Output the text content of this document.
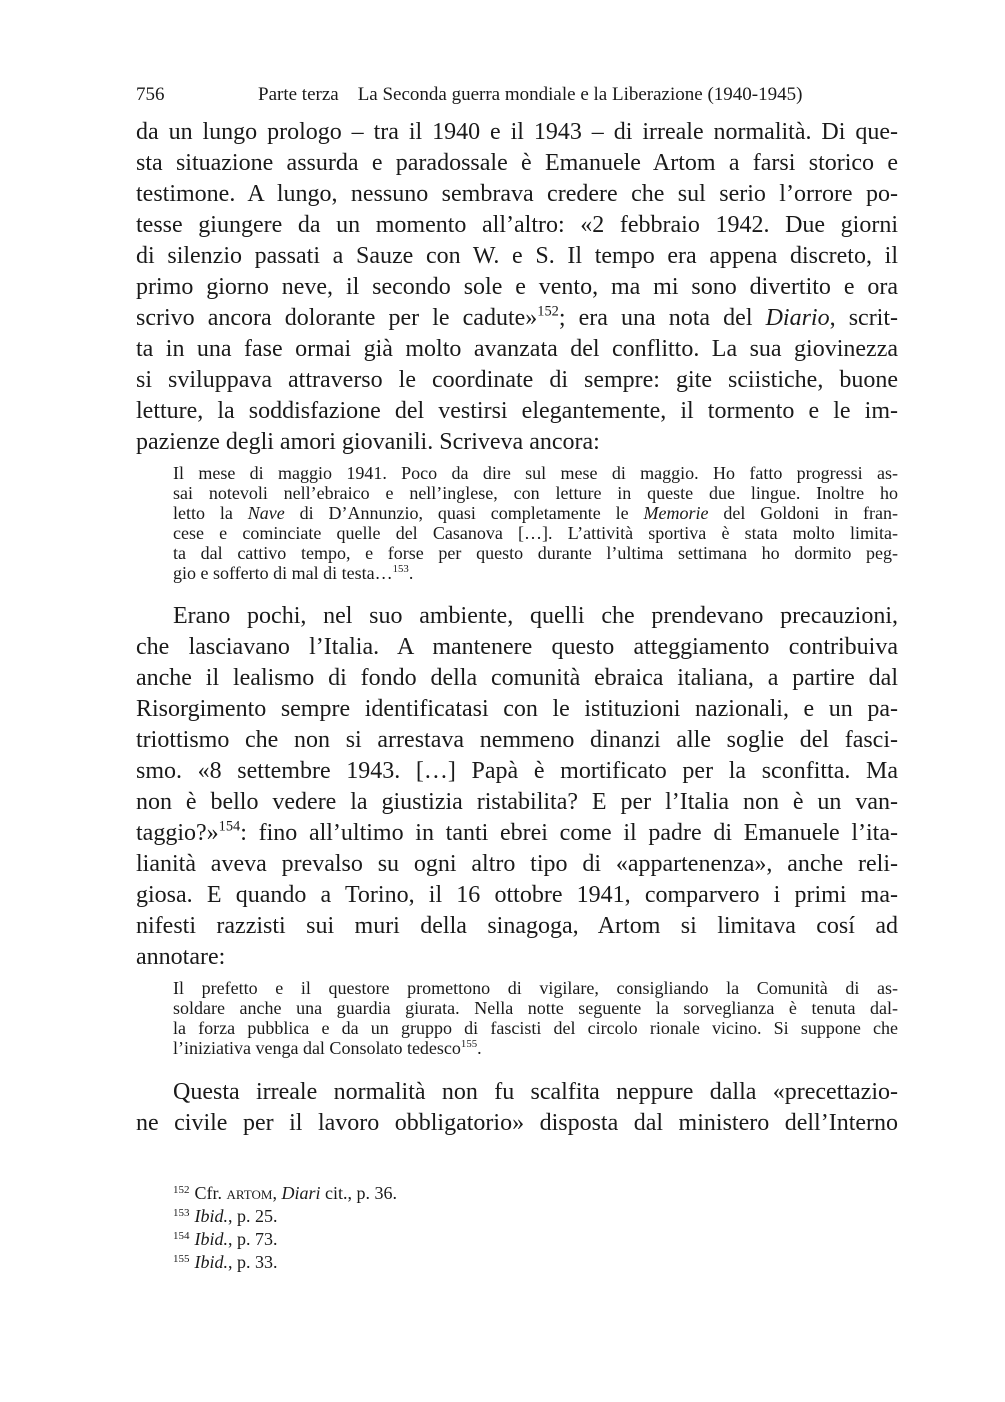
756	Parte terza    La Seconda guerra mondiale e la Liberazione (1940-1945)
da un lungo prologo – tra il 1940 e il 1943 – di irreale normalità. Di que-
sta situazione assurda e paradossale è Emanuele Artom a farsi storico e
testimone. A lungo, nessuno sembrava credere che sul serio l’orrore po-
tesse giungere da un momento all’altro: «2 febbraio 1942. Due giorni
di silenzio passati a Sauze con W. e S. Il tempo era appena discreto, il
primo giorno neve, il secondo sole e vento, ma mi sono divertito e ora
scrivo ancora dolorante per le cadute»$^{152}$; era una nota del Diario, scrit-
ta in una fase ormai già molto avanzata del conflitto. La sua giovinezza
si sviluppava attraverso le coordinate di sempre: gite sciistiche, buone
letture, la soddisfazione del vestirsi elegantemente, il tormento e le im-
pazienze degli amori giovanili. Scriveva ancora:
Il mese di maggio 1941. Poco da dire sul mese di maggio. Ho fatto progressi as-
sai notevoli nell’ebraico e nell’inglese, con letture in queste due lingue. Inoltre ho
letto la Nave di D’Annunzio, quasi completamente le Memorie del Goldoni in fran-
cese e cominciate quelle del Casanova […]. L’attività sportiva è stata molto limita-
ta dal cattivo tempo, e forse per questo durante l’ultima settimana ho dormito peg-
gio e sofferto di mal di testa…$^{153}$.
Erano pochi, nel suo ambiente, quelli che prendevano precauzioni,
che lasciavano l’Italia. A mantenere questo atteggiamento contribuiva
anche il lealismo di fondo della comunità ebraica italiana, a partire dal
Risorgimento sempre identificatasi con le istituzioni nazionali, e un pa-
triottismo che non si arrestava nemmeno dinanzi alle soglie del fasci-
smo. «8 settembre 1943. […] Papà è mortificato per la sconfitta. Ma
non è bello vedere la giustizia ristabilita? E per l’Italia non è un van-
taggio?»$^{154}$: fino all’ultimo in tanti ebrei come il padre di Emanuele l’ita-
lianità aveva prevalso su ogni altro tipo di «appartenenza», anche reli-
giosa. E quando a Torino, il 16 ottobre 1941, comparvero i primi ma-
nifesti razzisti sui muri della sinagoga, Artom si limitava cosí ad
annotare:
Il prefetto e il questore promettono di vigilare, consigliando la Comunità di as-
soldare anche una guardia giurata. Nella notte seguente la sorveglianza è tenuta dal-
la forza pubblica e da un gruppo di fascisti del circolo rionale vicino. Si suppone che
l’iniziativa venga dal Consolato tedesco$^{155}$.
Questa irreale normalità non fu scalfita neppure dalla «precettazio-
ne civile per il lavoro obbligatorio» disposta dal ministero dell’Interno
$^{152}$ Cfr. artom, Diari cit., p. 36.
$^{153}$ Ibid., p. 25.
$^{154}$ Ibid., p. 73.
$^{155}$ Ibid., p. 33.
